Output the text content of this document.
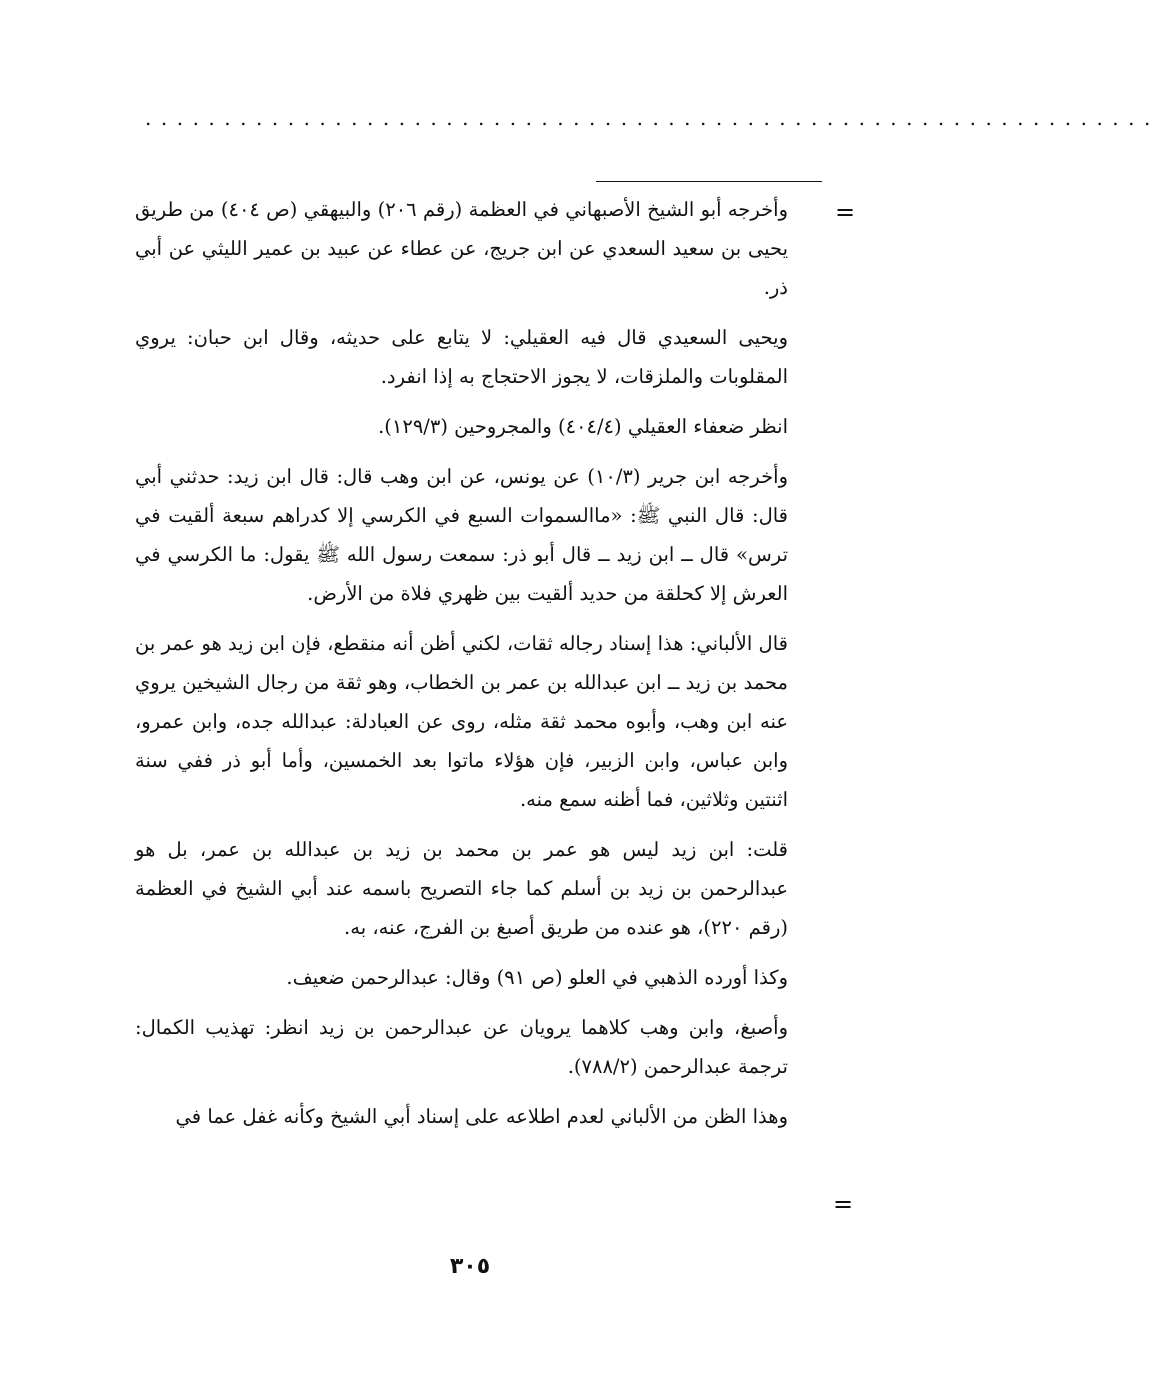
................................................................
=

وأخرجه أبو الشيخ الأصبهاني في العظمة (رقم ٢٠٦) والبيهقي (ص ٤٠٤) من طريق يحيى بن سعيد السعدي عن ابن جريج، عن عطاء عن عبيد بن عمير الليثي عن أبي ذر.

ويحيى السعيدي قال فيه العقيلي: لا يتابع على حديثه، وقال ابن حبان: يروي المقلوبات والملزقات، لا يجوز الاحتجاج به إذا انفرد.

انظر ضعفاء العقيلي (٤٠٤/٤) والمجروحين (١٢٩/٣).

وأخرجه ابن جرير (١٠/٣) عن يونس، عن ابن وهب قال: قال ابن زيد: حدثني أبي قال: قال النبي ﷺ: «ماالسموات السبع في الكرسي إلا كدراهم سبعة ألقيت في ترس» قال ــ ابن زيد ــ قال أبو ذر: سمعت رسول الله ﷺ يقول: ما الكرسي في العرش إلا كحلقة من حديد ألقيت بين ظهري فلاة من الأرض.

قال الألباني: هذا إسناد رجاله ثقات، لكني أظن أنه منقطع، فإن ابن زيد هو عمر بن محمد بن زيد ــ ابن عبدالله بن عمر بن الخطاب، وهو ثقة من رجال الشيخين يروي عنه ابن وهب، وأبوه محمد ثقة مثله، روى عن العبادلة: عبدالله جده، وابن عمرو، وابن عباس، وابن الزبير، فإن هؤلاء ماتوا بعد الخمسين، وأما أبو ذر ففي سنة اثنتين وثلاثين، فما أظنه سمع منه.

قلت: ابن زيد ليس هو عمر بن محمد بن زيد بن عبدالله بن عمر، بل هو عبدالرحمن بن زيد بن أسلم كما جاء التصريح باسمه عند أبي الشيخ في العظمة (رقم ٢٢٠)، هو عنده من طريق أصبغ بن الفرج، عنه، به.

وكذا أورده الذهبي في العلو (ص ٩١) وقال: عبدالرحمن ضعيف.

وأصبغ، وابن وهب كلاهما يرويان عن عبدالرحمن بن زيد انظر: تهذيب الكمال: ترجمة عبدالرحمن (٧٨٨/٢).

وهذا الظن من الألباني لعدم اطلاعه على إسناد أبي الشيخ وكأنه غفل عما في

=
٣٠٥
